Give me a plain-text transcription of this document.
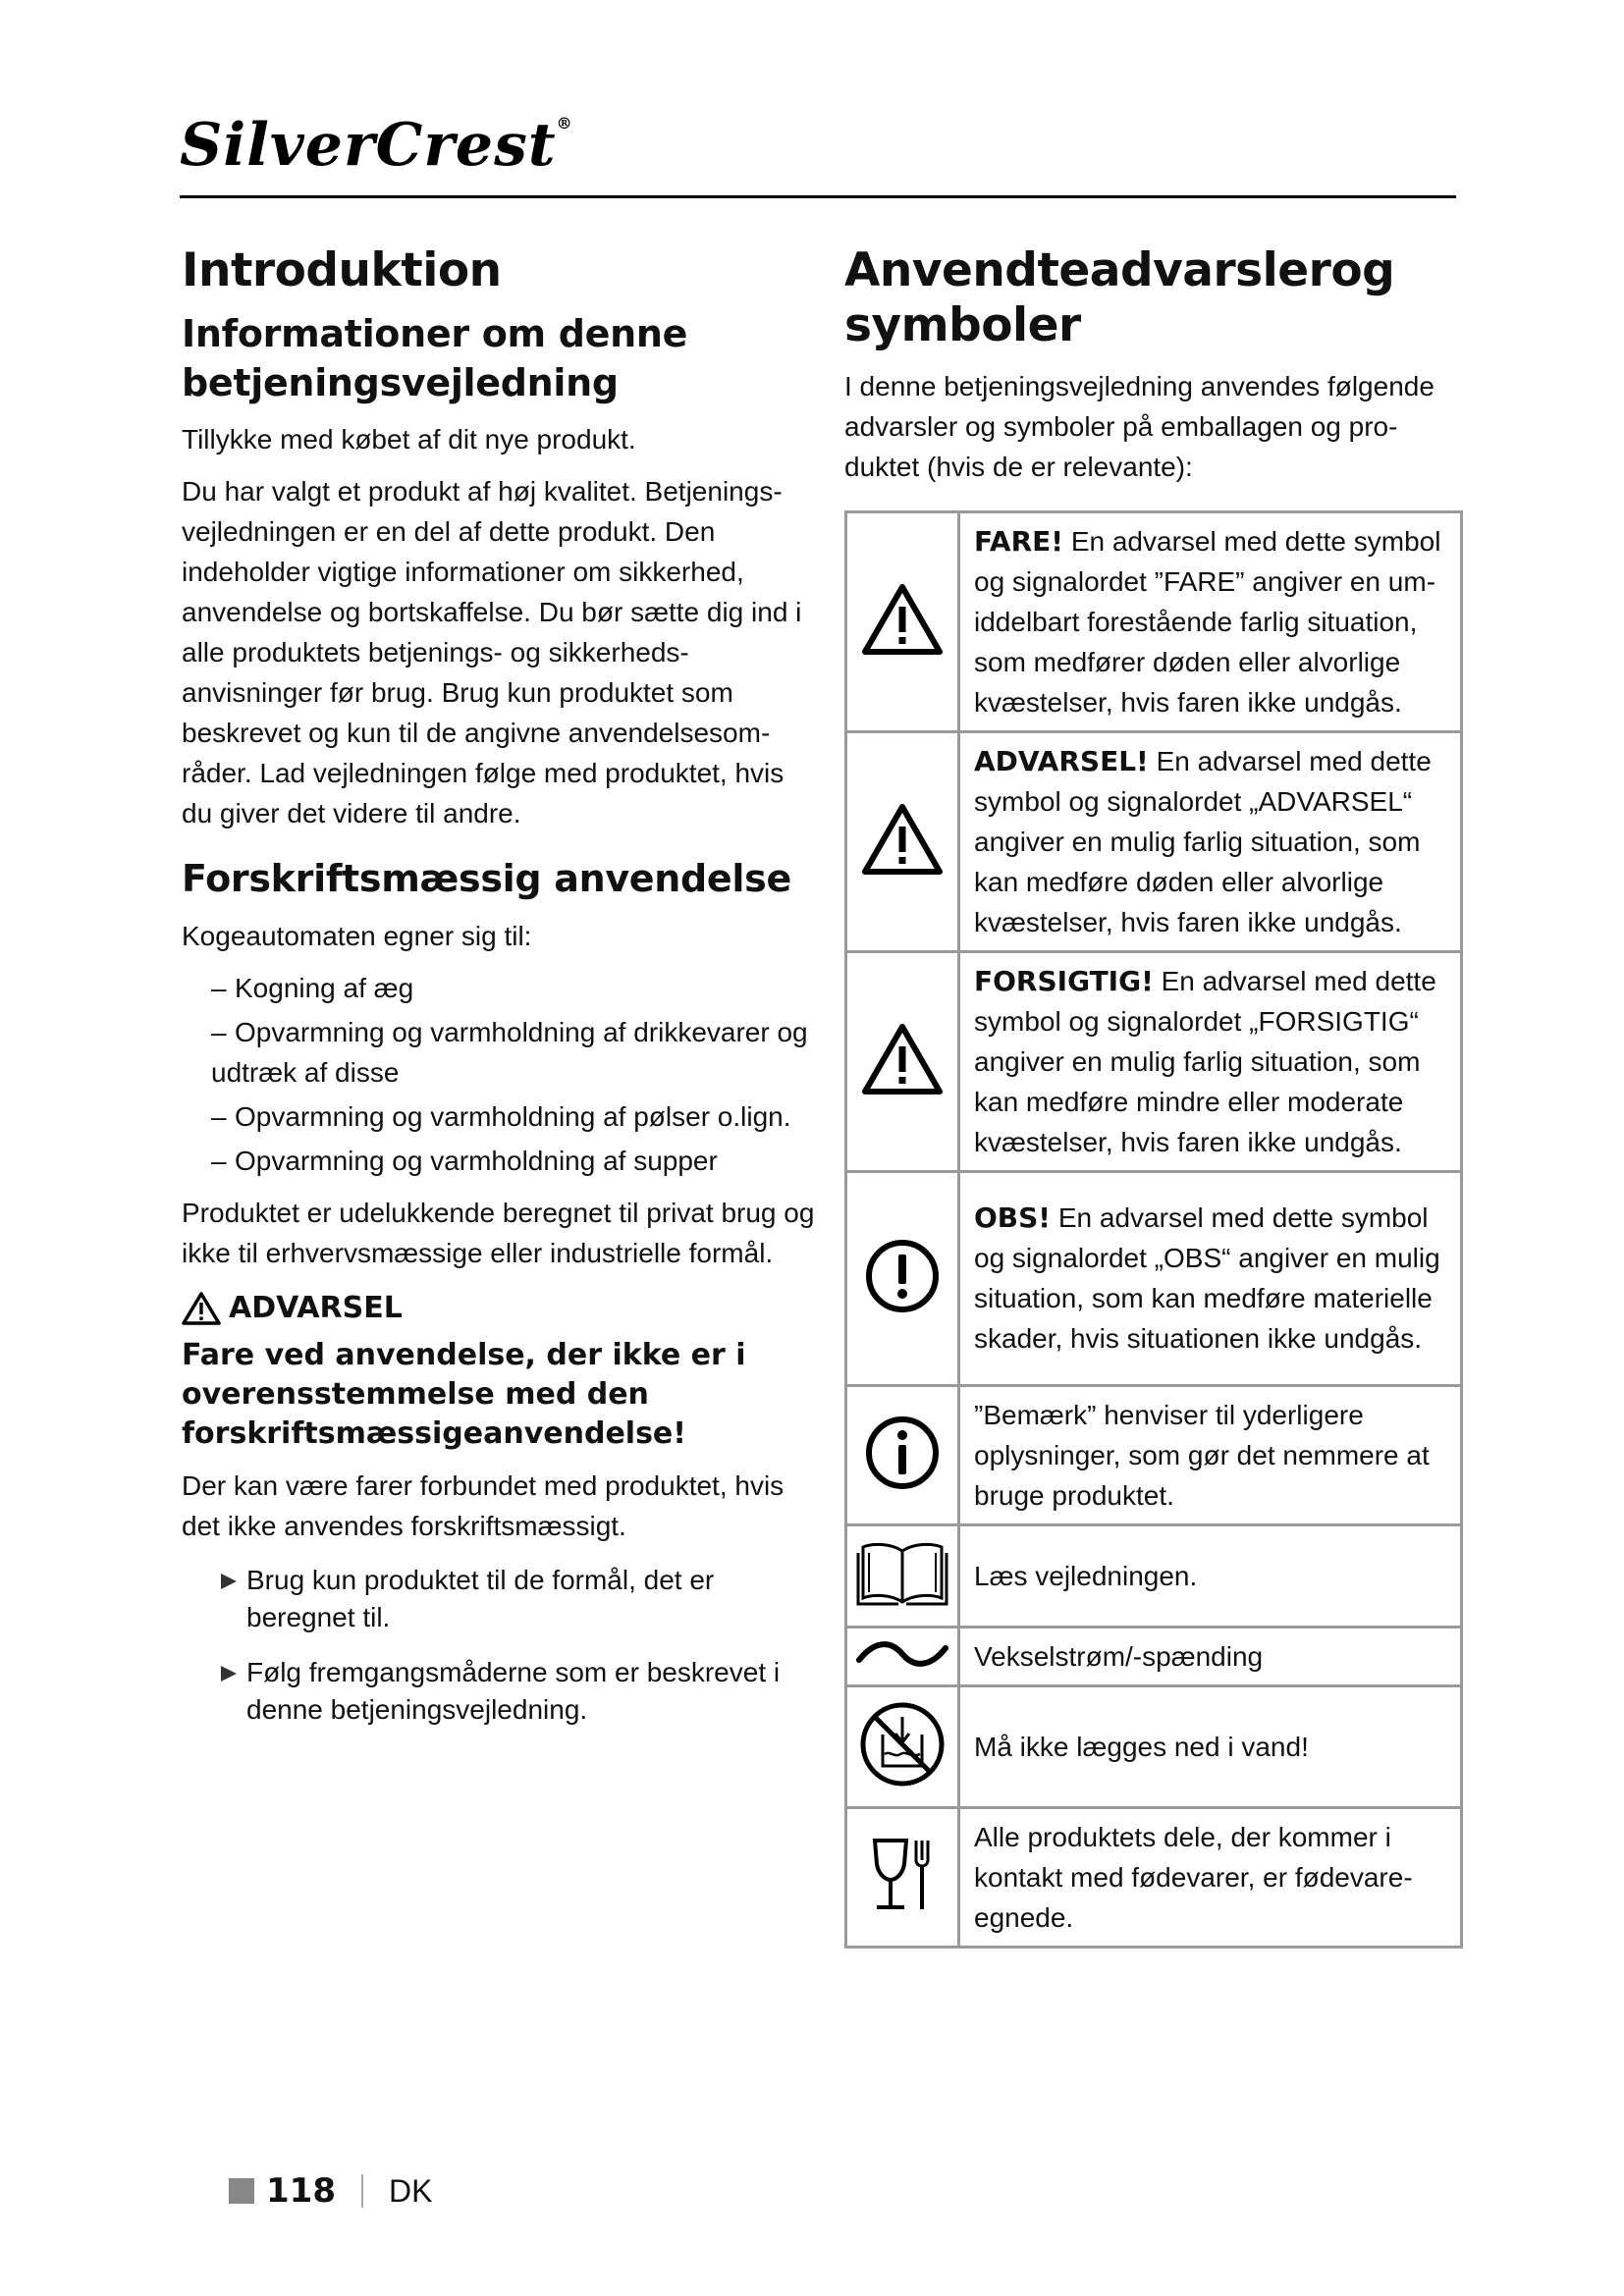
SilverCrest®
Introduktion
Informationer om denne betjeningsvejledning

Tillykke med købet af dit nye produkt.

Du har valgt et produkt af høj kvalitet. Betjeningsvejledningen er en del af dette produkt. Den indeholder vigtige informationer om sikkerhed, anvendelse og bortskaffelse. Du bør sætte dig ind i alle produktets betjenings- og sikkerhedsanvisninger før brug. Brug kun produktet som beskrevet og kun til de angivne anvendelsesområder. Lad vejledningen følge med produktet, hvis du giver det videre til andre.

Forskriftsmæssig anvendelse

Kogeautomaten egner sig til:

– Kogning af æg
– Opvarmning og varmholdning af drikkevarer og udtræk af disse
– Opvarmning og varmholdning af pølser o.lign.
– Opvarmning og varmholdning af supper

Produktet er udelukkende beregnet til privat brug og ikke til erhvervsmæssige eller industrielle formål.

ADVARSEL
Fare ved anvendelse, der ikke er i overensstemmelse med den forskriftsmæssigeanvendelse!

Der kan være farer forbundet med produktet, hvis det ikke anvendes forskriftsmæssigt.

Brug kun produktet til de formål, det er beregnet til.
Følg fremgangsmåderne som er beskrevet i denne betjeningsvejledning.
Anvendteadvarslerog symboler

I denne betjeningsvejledning anvendes følgende advarsler og symboler på emballagen og produktet (hvis de er relevante):

	FARE! En advarsel med dette symbol og signalordet ”FARE” angiver en umiddelbart forestående farlig situation, som medfører døden eller alvorlige kvæstelser, hvis faren ikke undgås.
	ADVARSEL! En advarsel med dette symbol og signalordet „ADVARSEL“ angiver en mulig farlig situation, som kan medføre døden eller alvorlige kvæstelser, hvis faren ikke undgås.
	FORSIGTIG! En advarsel med dette symbol og signalordet „FORSIGTIG“ angiver en mulig farlig situation, som kan medføre mindre eller moderate kvæstelser, hvis faren ikke undgås.
	OBS! En advarsel med dette symbol og signalordet „OBS“ angiver en mulig situation, som kan medføre materielle skader, hvis situationen ikke undgås.
	”Bemærk” henviser til yderligere oplysninger, som gør det nemmere at bruge produktet.
	Læs vejledningen.
	Vekselstrøm/-spænding
	Må ikke lægges ned i vand!
	Alle produktets dele, der kommer i kontakt med fødevarer, er fødevareegnede.
118 DK
